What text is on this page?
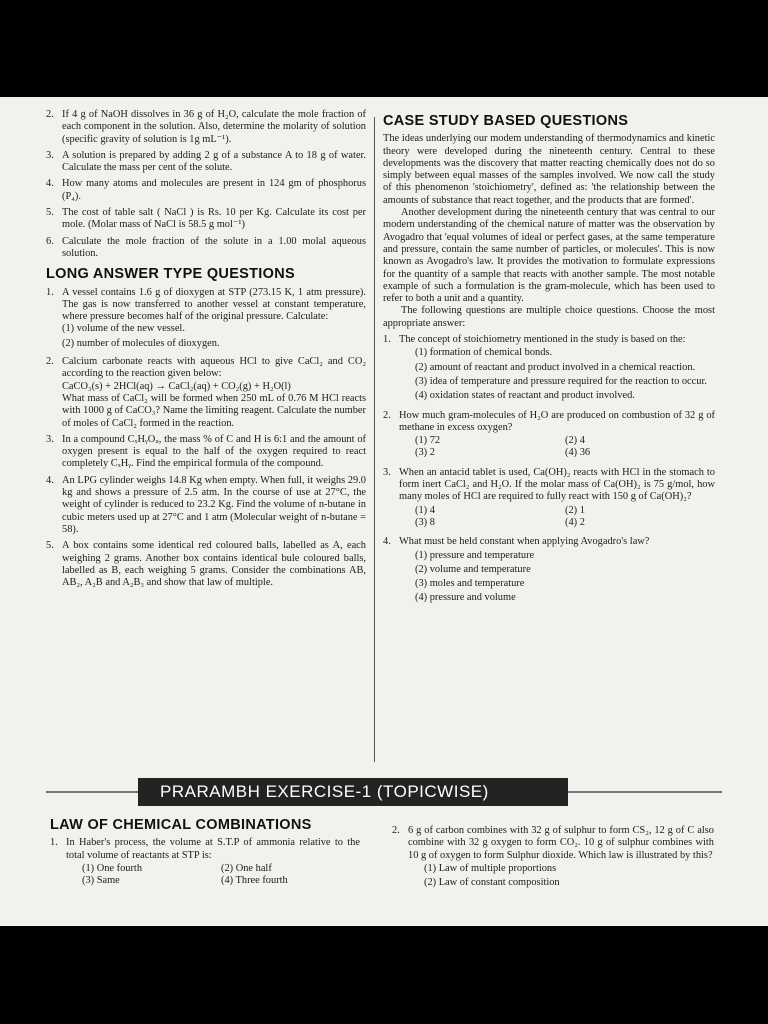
2. If 4 g of NaOH dissolves in 36 g of H₂O, calculate the mole fraction of each component in the solution. Also, determine the molarity of solution (specific gravity of solution is 1g mL⁻¹).
3. A solution is prepared by adding 2 g of a substance A to 18 g of water. Calculate the mass per cent of the solute.
4. How many atoms and molecules are present in 124 gm of phosphorus (P₄).
5. The cost of table salt ( NaCl ) is Rs. 10 per Kg. Calculate its cost per mole. (Molar mass of NaCl is 58.5 g mol⁻¹)
6. Calculate the mole fraction of the solute in a 1.00 molal aqueous solution.
LONG ANSWER TYPE QUESTIONS
1. A vessel contains 1.6 g of dioxygen at STP (273.15 K, 1 atm pressure). The gas is now transferred to another vessel at constant temperature, where pressure becomes half of the original pressure. Calculate:
(1) volume of the new vessel.
(2) number of molecules of dioxygen.
2. Calcium carbonate reacts with aqueous HCl to give CaCl₂ and CO₂ according to the reaction given below:
CaCO₃(s) + 2HCl(aq) → CaCl₂(aq) + CO₂(g) + H₂O(l)
What mass of CaCl₂ will be formed when 250 mL of 0.76 M HCl reacts with 1000 g of CaCO₃? Name the limiting reagent. Calculate the number of moles of CaCl₂ formed in the reaction.
3. In a compound CₓHᵧOᵤ, the mass % of C and H is 6:1 and the amount of oxygen present is equal to the half of the oxygen required to react completely CₓHᵧ. Find the empirical formula of the compound.
4. An LPG cylinder weighs 14.8 Kg when empty. When full, it weighs 29.0 kg and shows a pressure of 2.5 atm. In the course of use at 27°C, the weight of cylinder is reduced to 23.2 Kg. Find the volume of n-butane in cubic meters used up at 27°C and 1 atm (Molecular weight of n-butane = 58).
5. A box contains some identical red coloured balls, labelled as A, each weighing 2 grams. Another box contains identical bule coloured balls, labelled as B, each weighing 5 grams. Consider the combinations AB, AB₂, A₂B and A₂B₃ and show that law of multiple.
CASE STUDY BASED QUESTIONS

The ideas underlying our modem understanding of thermodynamics and kinetic theory were developed during the nineteenth century. Central to these developments was the discovery that matter reacting chemically does not do so simply between equal masses of the samples involved. We now call the study of this phenomenon 'stoichiometry', defined as: 'the relationship between the amounts of substance that react together, and the products that are formed'.

Another development during the nineteenth century that was central to our modern understanding of the chemical nature of matter was the observation by Avogadro that 'equal volumes of ideal or perfect gases, at the same temperature and pressure, contain the same number of particles, or molecules'. This is now known as Avogadro's law. It provides the motivation to formulate expressions for the quantity of a sample that reacts with another sample. The most notable example of such a formulation is the gram-molecule, which has been used to refer to both a unit and a quantity.

The following questions are multiple choice questions. Choose the most appropriate answer:

1. The concept of stoichiometry mentioned in the study is based on the:
(1) formation of chemical bonds.
(2) amount of reactant and product involved in a chemical reaction.
(3) idea of temperature and pressure required for the reaction to occur.
(4) oxidation states of reactant and product involved.
2. How much gram-molecules of H₂O are produced on combustion of 32 g of methane in excess oxygen?
(1) 72	(2) 4
(3) 2	(4) 36
3. When an antacid tablet is used, Ca(OH)₂ reacts with HCl in the stomach to form inert CaCl₂ and H₂O. If the molar mass of Ca(OH)₂ is 75 g/mol, how many moles of HCl are required to fully react with 150 g of Ca(OH)₂?
(1) 4	(2) 1
(3) 8	(4) 2
4. What must be held constant when applying Avogadro's law?
(1) pressure and temperature
(2) volume and temperature
(3) moles and temperature
(4) pressure and volume
PRARAMBH EXERCISE-1 (TOPICWISE)
LAW OF CHEMICAL COMBINATIONS
1. In Haber's process, the volume at S.T.P of ammonia relative to the total volume of reactants at STP is:
(1) One fourth	(2) One half
(3) Same	(4) Three fourth
2. 6 g of carbon combines with 32 g of sulphur to form CS₂, 12 g of C also combine with 32 g oxygen to form CO₂. 10 g of sulphur combines with 10 g of oxygen to form Sulphur dioxide. Which law is illustrated by this?
(1) Law of multiple proportions
(2) Law of constant composition
